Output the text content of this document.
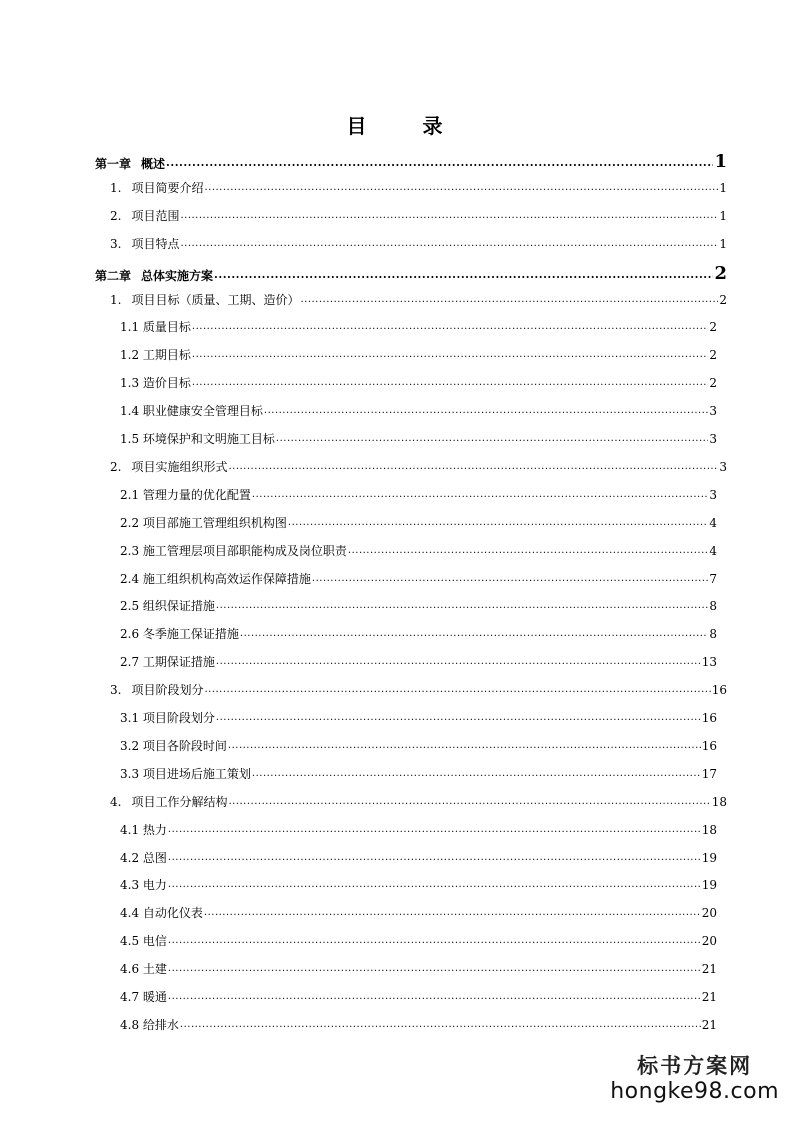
目	录
第一章 概述 .....	1
1. 项目简要介绍 .....	1
2. 项目范围 .....	1
3. 项目特点 .....	1
第二章 总体实施方案 .....	2
1. 项目目标（质量、工期、造价） .....	2
1.1 质量目标 .....	2
1.2 工期目标 .....	2
1.3 造价目标 .....	2
1.4 职业健康安全管理目标 .....	3
1.5 环境保护和文明施工目标 .....	3
2. 项目实施组织形式 .....	3
2.1 管理力量的优化配置 .....	3
2.2 项目部施工管理组织机构图 .....	4
2.3 施工管理层项目部职能构成及岗位职责 .....	4
2.4 施工组织机构高效运作保障措施 .....	7
2.5 组织保证措施 .....	8
2.6 冬季施工保证措施 .....	8
2.7 工期保证措施 .....	13
3. 项目阶段划分 .....	16
3.1 项目阶段划分 .....	16
3.2 项目各阶段时间 .....	16
3.3 项目进场后施工策划 .....	17
4. 项目工作分解结构 .....	18
4.1 热力 .....	18
4.2 总图 .....	19
4.3 电力 .....	19
4.4 自动化仪表 .....	20
4.5 电信 .....	20
4.6 土建 .....	21
4.7 暖通 .....	21
4.8 给排水 .....	21
标书方案网
hongke98.com
